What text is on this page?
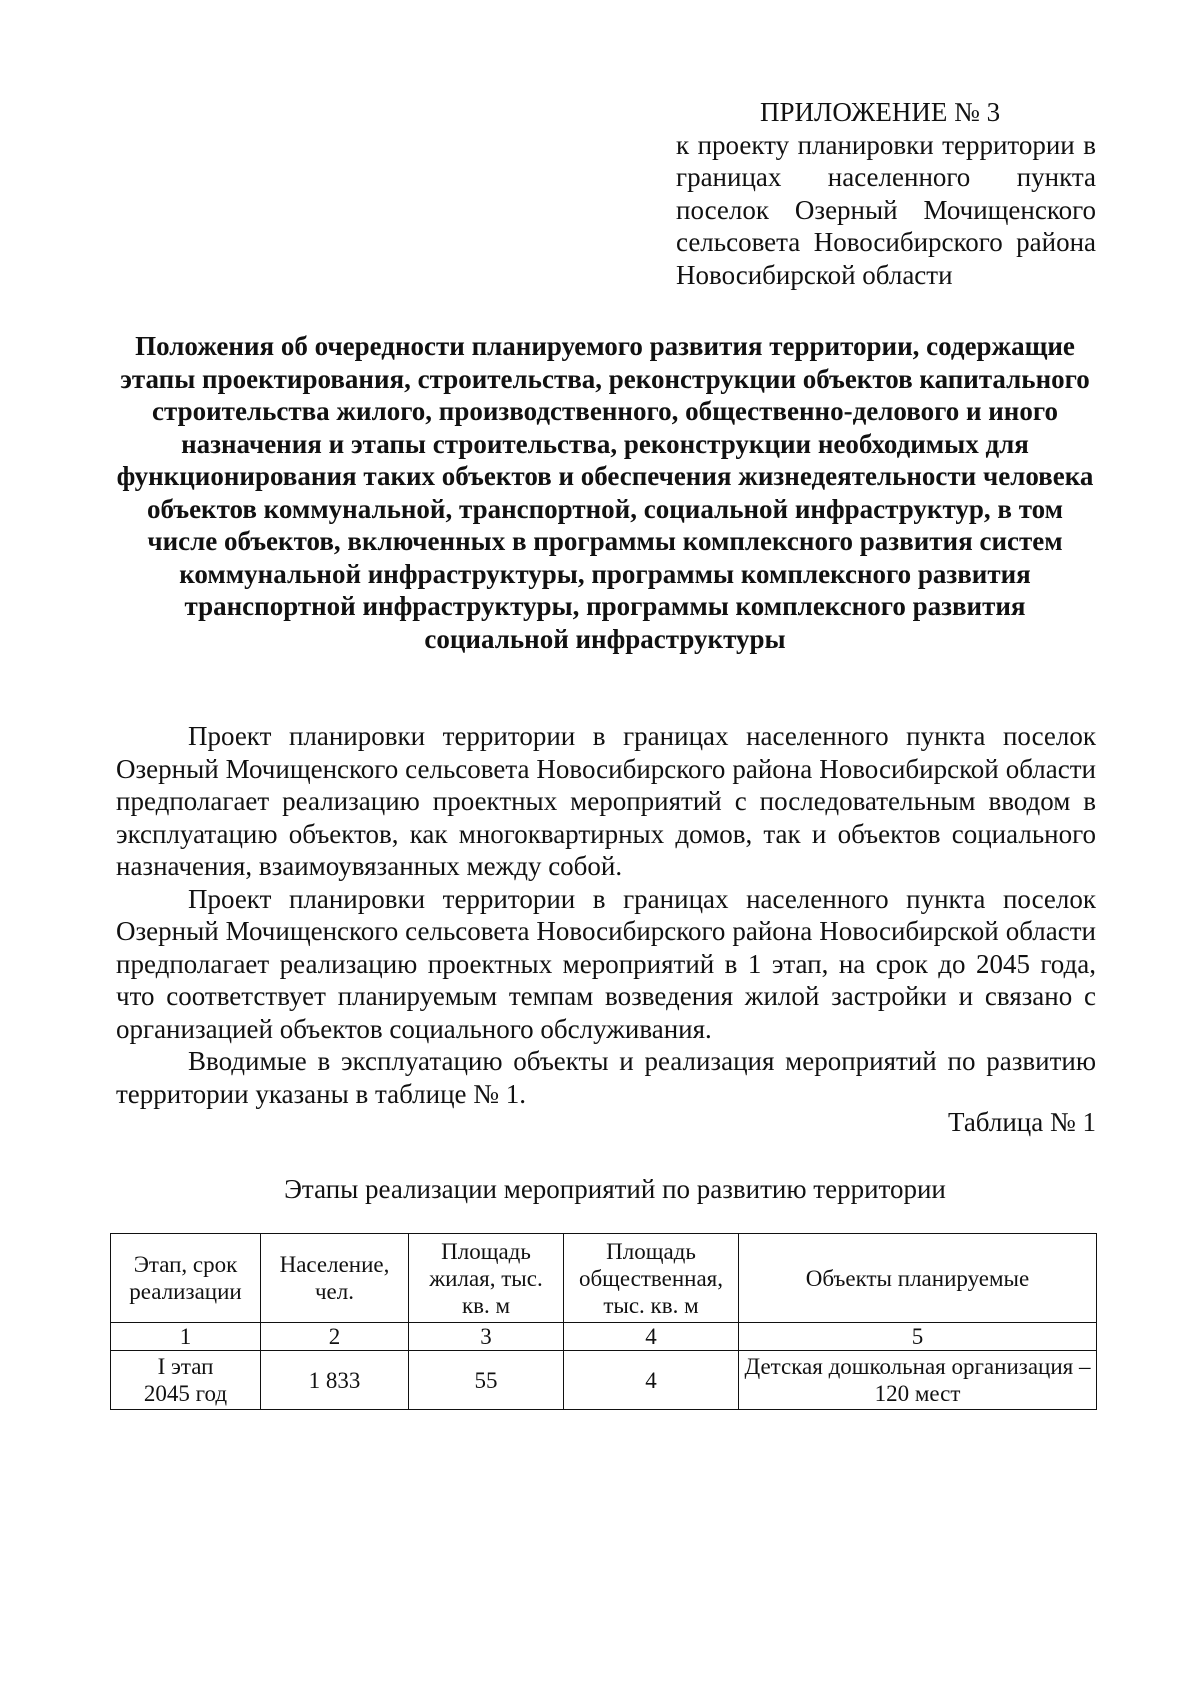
ПРИЛОЖЕНИЕ № 3
к проекту планировки территории в границах населенного пункта поселок Озерный Мочищенского сельсовета Новосибирского района Новосибирской области
Положения об очередности планируемого развития территории, содержащие этапы проектирования, строительства, реконструкции объектов капитального строительства жилого, производственного, общественно-делового и иного назначения и этапы строительства, реконструкции необходимых для функционирования таких объектов и обеспечения жизнедеятельности человека объектов коммунальной, транспортной, социальной инфраструктур, в том числе объектов, включенных в программы комплексного развития систем коммунальной инфраструктуры, программы комплексного развития транспортной инфраструктуры, программы комплексного развития социальной инфраструктуры

Проект планировки территории в границах населенного пункта поселок Озерный Мочищенского сельсовета Новосибирского района Новосибирской области предполагает реализацию проектных мероприятий с последовательным вводом в эксплуатацию объектов, как многоквартирных домов, так и объектов социального назначения, взаимоувязанных между собой.

Проект планировки территории в границах населенного пункта поселок Озерный Мочищенского сельсовета Новосибирского района Новосибирской области предполагает реализацию проектных мероприятий в 1 этап, на срок до 2045 года, что соответствует планируемым темпам возведения жилой застройки и связано с организацией объектов социального обслуживания.

Вводимые в эксплуатацию объекты и реализация мероприятий по развитию территории указаны в таблице № 1.

Таблица № 1
Этапы реализации мероприятий по развитию территории
Этап, срок реализации	Население, чел.	Площадь жилая, тыс. кв. м	Площадь общественная, тыс. кв. м	Объекты планируемые
1	2	3	4	5

I этап
2045 год	1 833	55	4	Детская дошкольная организация – 120 мест
